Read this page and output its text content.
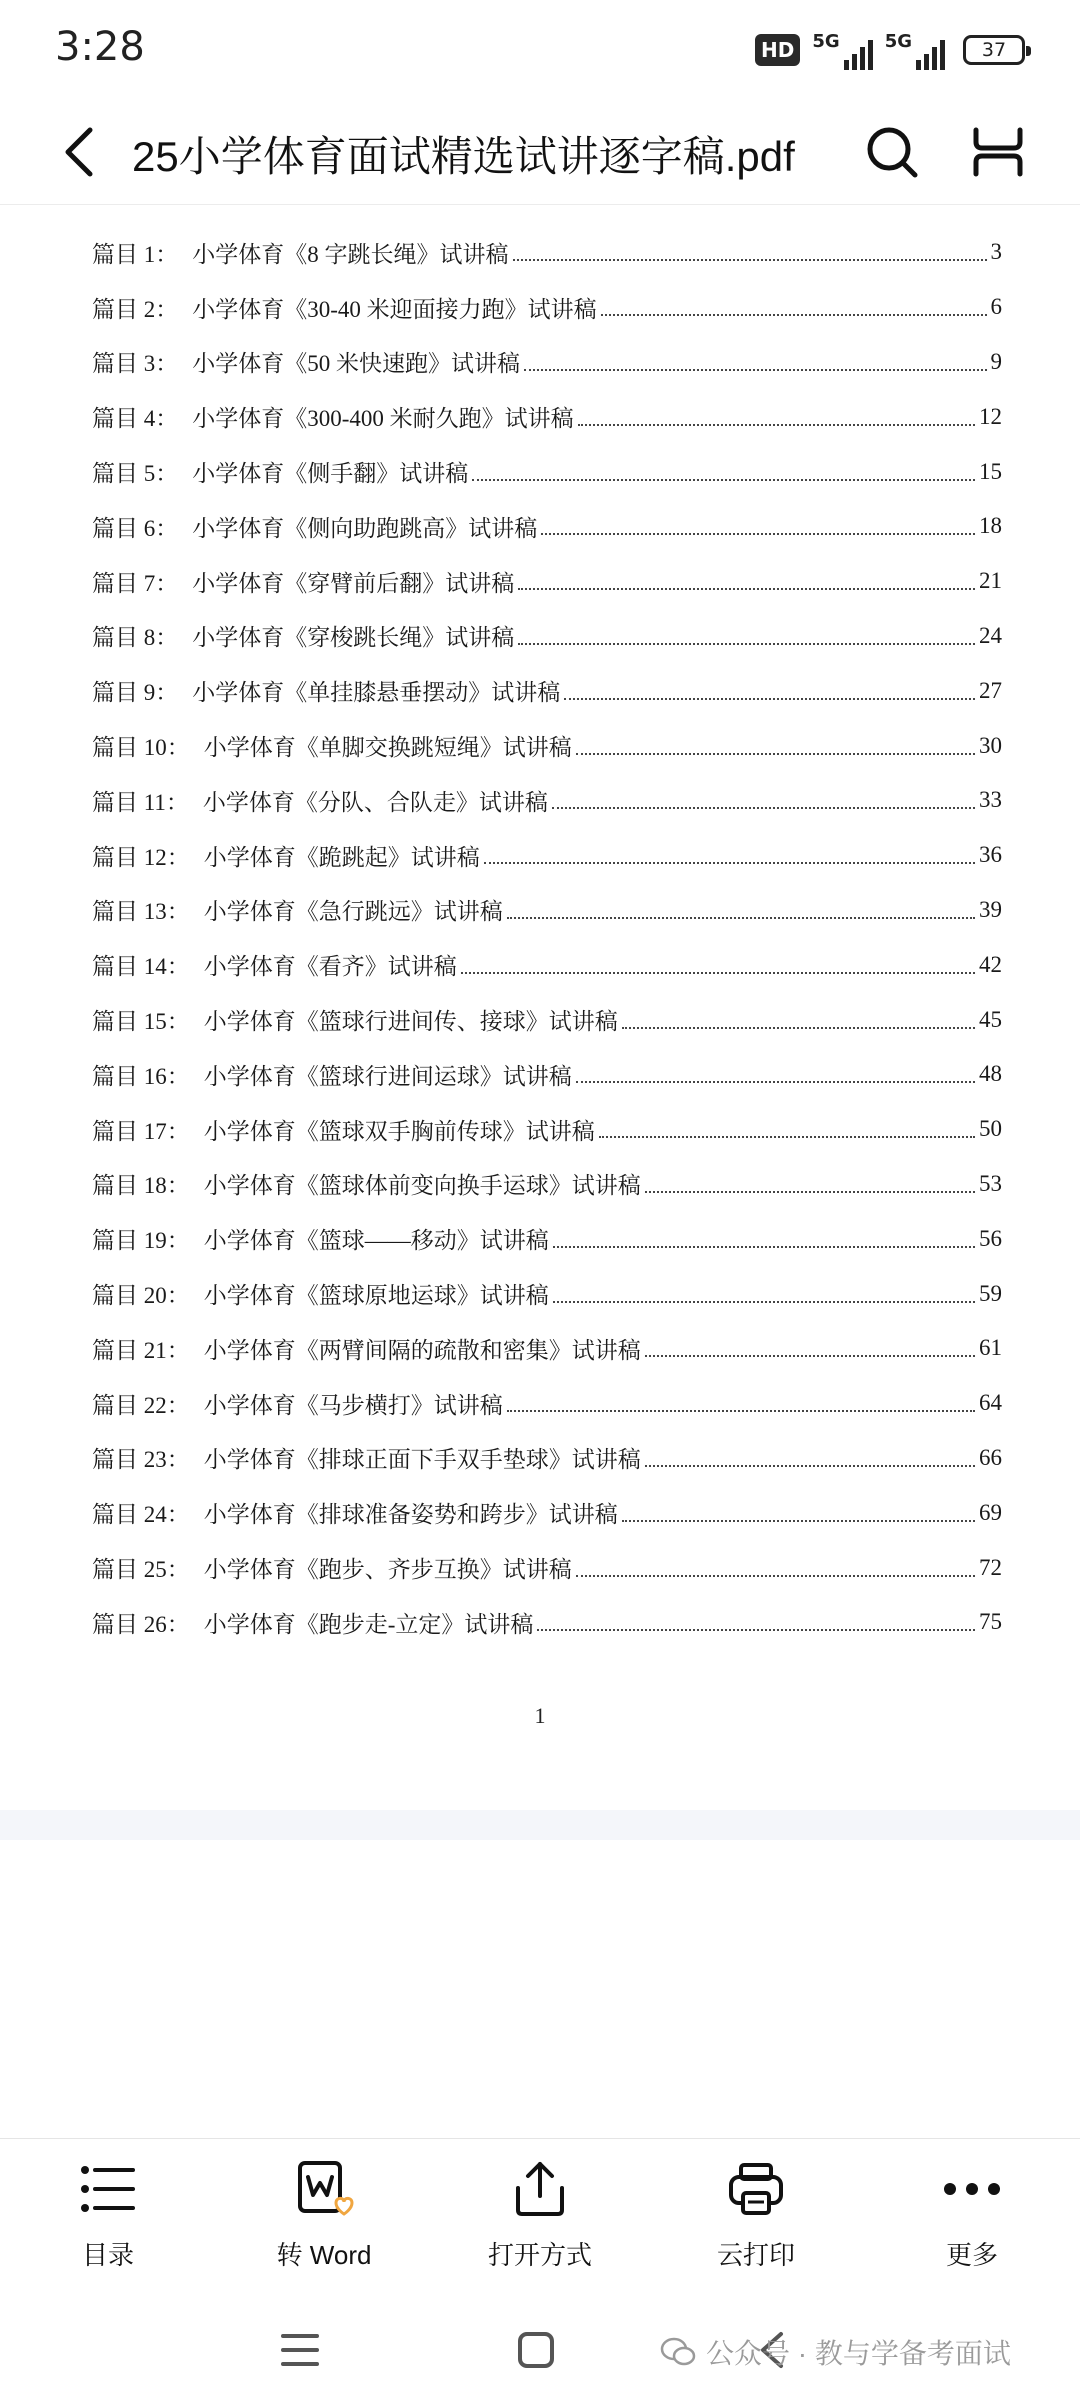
3:28	HD	5G	5G	37
25小学体育面试精选试讲逐字稿.pdf
篇目 1： 小学体育《8 字跳长绳》试讲稿	3
篇目 2： 小学体育《30-40 米迎面接力跑》试讲稿	6
篇目 3： 小学体育《50 米快速跑》试讲稿	9
篇目 4： 小学体育《300-400 米耐久跑》试讲稿	12
篇目 5： 小学体育《侧手翻》试讲稿	15
篇目 6： 小学体育《侧向助跑跳高》试讲稿	18
篇目 7： 小学体育《穿臂前后翻》试讲稿	21
篇目 8： 小学体育《穿梭跳长绳》试讲稿	24
篇目 9： 小学体育《单挂膝悬垂摆动》试讲稿	27
篇目 10： 小学体育《单脚交换跳短绳》试讲稿	30
篇目 11： 小学体育《分队、合队走》试讲稿	33
篇目 12： 小学体育《跪跳起》试讲稿	36
篇目 13： 小学体育《急行跳远》试讲稿	39
篇目 14： 小学体育《看齐》试讲稿	42
篇目 15： 小学体育《篮球行进间传、接球》试讲稿	45
篇目 16： 小学体育《篮球行进间运球》试讲稿	48
篇目 17： 小学体育《篮球双手胸前传球》试讲稿	50
篇目 18： 小学体育《篮球体前变向换手运球》试讲稿	53
篇目 19： 小学体育《篮球——移动》试讲稿	56
篇目 20： 小学体育《篮球原地运球》试讲稿	59
篇目 21： 小学体育《两臂间隔的疏散和密集》试讲稿	61
篇目 22： 小学体育《马步横打》试讲稿	64
篇目 23： 小学体育《排球正面下手双手垫球》试讲稿	66
篇目 24： 小学体育《排球准备姿势和跨步》试讲稿	69
篇目 25： 小学体育《跑步、齐步互换》试讲稿	72
篇目 26： 小学体育《跑步走-立定》试讲稿	75
1
目录	转 Word	打开方式	云打印	更多
公众号 · 教与学备考面试
